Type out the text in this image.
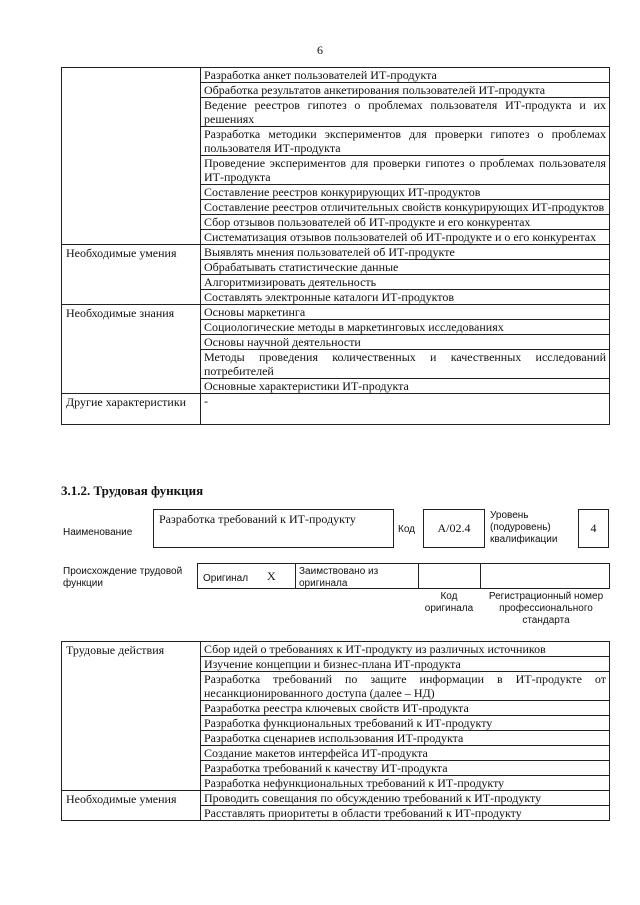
6
	Разработка анкет пользователей ИТ-продукта
	Обработка результатов анкетирования пользователей ИТ-продукта
	Ведение реестров гипотез о проблемах пользователя ИТ-продукта и их решениях
	Разработка методики экспериментов для проверки гипотез о проблемах пользователя ИТ-продукта
	Проведение экспериментов для проверки гипотез о проблемах пользователя ИТ-продукта
	Составление реестров конкурирующих ИТ-продуктов
	Составление реестров отличительных свойств конкурирующих ИТ-продуктов
	Сбор отзывов пользователей об ИТ-продукте и его конкурентах
	Систематизация отзывов пользователей об ИТ-продукте и о его конкурентах
Необходимые умения	Выявлять мнения пользователей об ИТ-продукте
	Обрабатывать статистические данные
	Алгоритмизировать деятельность
	Составлять электронные каталоги ИТ-продуктов
Необходимые знания	Основы маркетинга
	Социологические методы в маркетинговых исследованиях
	Основы научной деятельности
	Методы проведения количественных и качественных исследований потребителей
	Основные характеристики ИТ-продукта
Другие характеристики	-
3.1.2. Трудовая функция
Наименование
Разработка требований к ИТ-продукту
Код	А/02.4
Уровень (подуровень) квалификации
4
Происхождение трудовой функции	Оригинал X Заимствовано из оригинала
Код оригинала
Регистрационный номер профессионального стандарта
Трудовые действия	Сбор идей о требованиях к ИТ-продукту из различных источников
	Изучение концепции и бизнес-плана ИТ-продукта
	Разработка требований по защите информации в ИТ-продукте от несанкционированного доступа (далее – НД)
	Разработка реестра ключевых свойств ИТ-продукта
	Разработка функциональных требований к ИТ-продукту
	Разработка сценариев использования ИТ-продукта
	Создание макетов интерфейса ИТ-продукта
	Разработка требований к качеству ИТ-продукта
	Разработка нефункциональных требований к ИТ-продукту
Необходимые умения	Проводить совещания по обсуждению требований к ИТ-продукту
	Расставлять приоритеты в области требований к ИТ-продукту
